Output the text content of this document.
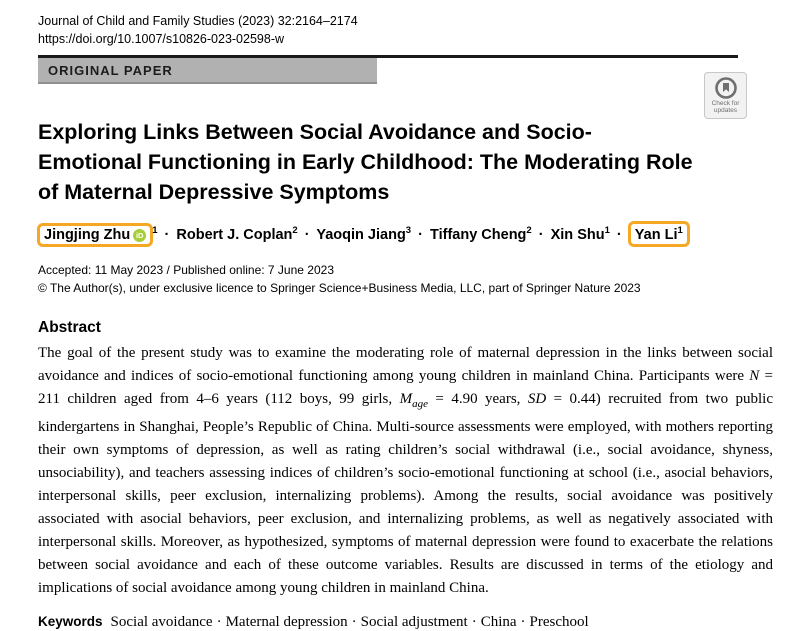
Journal of Child and Family Studies (2023) 32:2164–2174
https://doi.org/10.1007/s10826-023-02598-w
ORIGINAL PAPER
Check for
updates
Exploring Links Between Social Avoidance and Socio-Emotional Functioning in Early Childhood: The Moderating Role of Maternal Depressive Symptoms
Jingjing Zhu iD $^1$ · Robert J. Coplan$^2$ · Yaoqin Jiang$^3$ · Tiffany Cheng$^2$ · Xin Shu$^1$ · Yan Li$^1$
Accepted: 11 May 2023 / Published online: 7 June 2023
© The Author(s), under exclusive licence to Springer Science+Business Media, LLC, part of Springer Nature 2023
Abstract

The goal of the present study was to examine the moderating role of maternal depression in the links between social avoidance and indices of socio-emotional functioning among young children in mainland China. Participants were N = 211 children aged from 4–6 years (112 boys, 99 girls, $M_{age} = 4.90$ years, SD = 0.44) recruited from two public kindergartens in Shanghai, People’s Republic of China. Multi-source assessments were employed, with mothers reporting their own symptoms of depression, as well as rating children’s social withdrawal (i.e., social avoidance, shyness, unsociability), and teachers assessing indices of children’s socio-emotional functioning at school (i.e., asocial behaviors, interpersonal skills, peer exclusion, internalizing problems). Among the results, social avoidance was positively associated with asocial behaviors, peer exclusion, and internalizing problems, as well as negatively associated with interpersonal skills. Moreover, as hypothesized, symptoms of maternal depression were found to exacerbate the relations between social avoidance and each of these outcome variables. Results are discussed in terms of the etiology and implications of social avoidance among young children in mainland China.

Keywords Social avoidance · Maternal depression · Social adjustment · China · Preschool
